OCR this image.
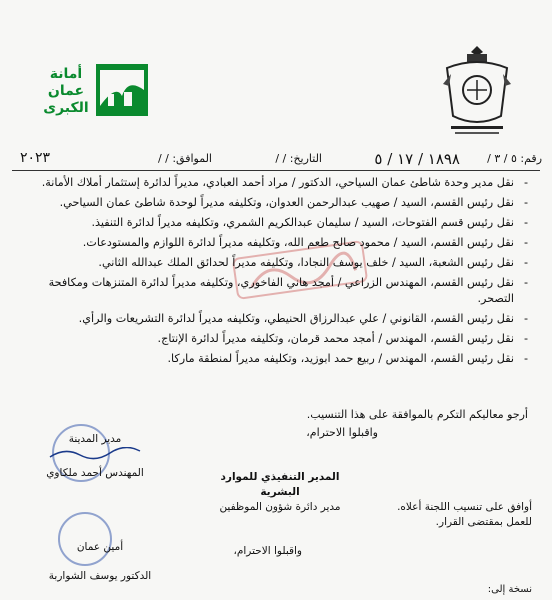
أمانة
عمان
الكبرى
رقم: ٥ / ٣ /
١٨٩٨ / ١٧ / ٥
التاريخ: / /
الموافق: / /
٢٠٢٣
- نقل مدير وحدة شاطئ عمان السياحي، الدكتور / مراد أحمد العبادي، مديراً لدائرة إستثمار أملاك الأمانة.
- نقل رئيس القسم، السيد / صهيب عبدالرحمن العدوان، وتكليفه مديراً لوحدة شاطئ عمان السياحي.
- نقل رئيس قسم الفتوحات، السيد / سليمان عبدالكريم الشمري، وتكليفه مديراً لدائرة التنفيذ.
- نقل رئيس القسم، السيد / محمود صالح طعم الله، وتكليفه مديراً لدائرة اللوازم والمستودعات.
- نقل رئيس الشعبة، السيد / خلف يوسف النجادا، وتكليفه مديراً لحدائق الملك عبدالله الثاني.
- نقل رئيس القسم، المهندس الزراعي / أمجد هاني الفاخوري، وتكليفه مديراً لدائرة المتنزهات ومكافحة التصحر.
- نقل رئيس القسم، القانوني / علي عبدالرزاق الحنيطي، وتكليفه مديراً لدائرة التشريعات والرأي.
- نقل رئيس القسم، المهندس / أمجد محمد قرمان، وتكليفه مديراً لدائرة الإنتاج.
- نقل رئيس القسم، المهندس / ربيع حمد ابوزيد، وتكليفه مديراً لمنطقة ماركا.
أرجو معاليكم التكرم بالموافقة على هذا التنسيب.
واقبلوا الاحترام،
مدير المدينة
المهندس أحمد ملكاوي	المدير التنفيذي للموارد البشرية
مدير دائرة شؤون الموظفين	أوافق على تنسيب اللجنة أعلاه.
للعمل بمقتضى القرار.
واقبلوا الاحترام،
أمين عمان
الدكتور يوسف الشواربة
نسخة إلى:
